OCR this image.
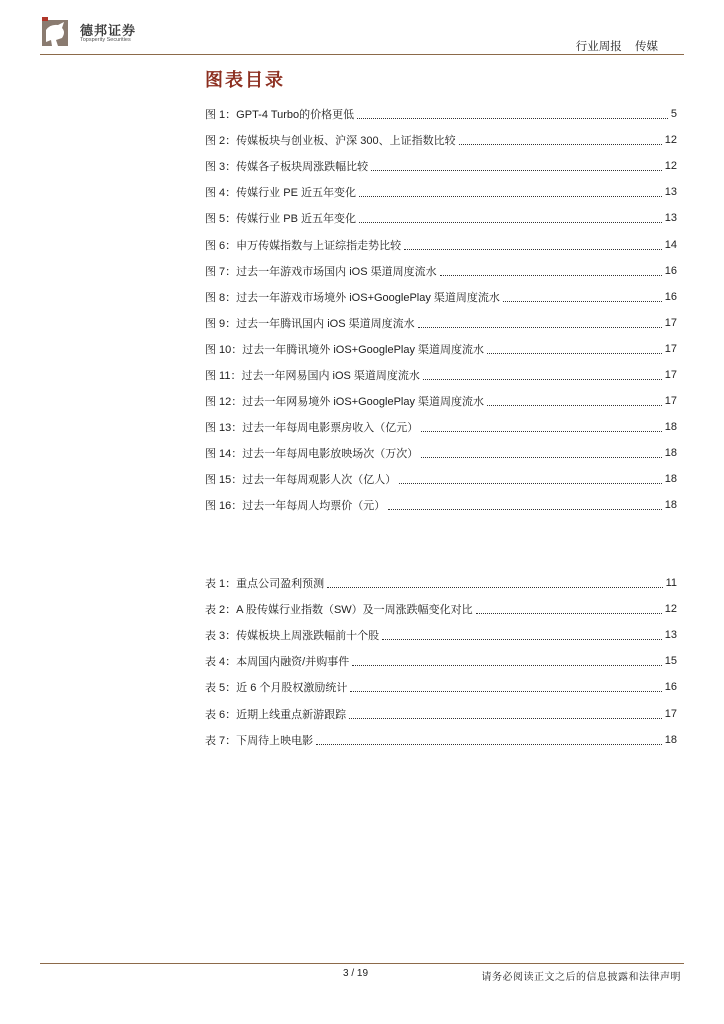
德邦证券
Topsperity Securities
行业周报 传媒
图表目录
图 1：GPT-4 Turbo的价格更低	5
图 2：传媒板块与创业板、沪深 300、上证指数比较	12
图 3：传媒各子板块周涨跌幅比较	12
图 4：传媒行业 PE 近五年变化	13
图 5：传媒行业 PB 近五年变化	13
图 6：申万传媒指数与上证综指走势比较	14
图 7：过去一年游戏市场国内 iOS 渠道周度流水	16
图 8：过去一年游戏市场境外 iOS+GooglePlay 渠道周度流水	16
图 9：过去一年腾讯国内 iOS 渠道周度流水	17
图 10：过去一年腾讯境外 iOS+GooglePlay 渠道周度流水	17
图 11：过去一年网易国内 iOS 渠道周度流水	17
图 12：过去一年网易境外 iOS+GooglePlay 渠道周度流水	17
图 13：过去一年每周电影票房收入（亿元）	18
图 14：过去一年每周电影放映场次（万次）	18
图 15：过去一年每周观影人次（亿人）	18
图 16：过去一年每周人均票价（元）	18
表 1：重点公司盈利预测	11
表 2：A 股传媒行业指数（SW）及一周涨跌幅变化对比	12
表 3：传媒板块上周涨跌幅前十个股	13
表 4：本周国内融资/并购事件	15
表 5：近 6 个月股权激励统计	16
表 6：近期上线重点新游跟踪	17
表 7：下周待上映电影	18
3 / 19	请务必阅读正文之后的信息披露和法律声明
